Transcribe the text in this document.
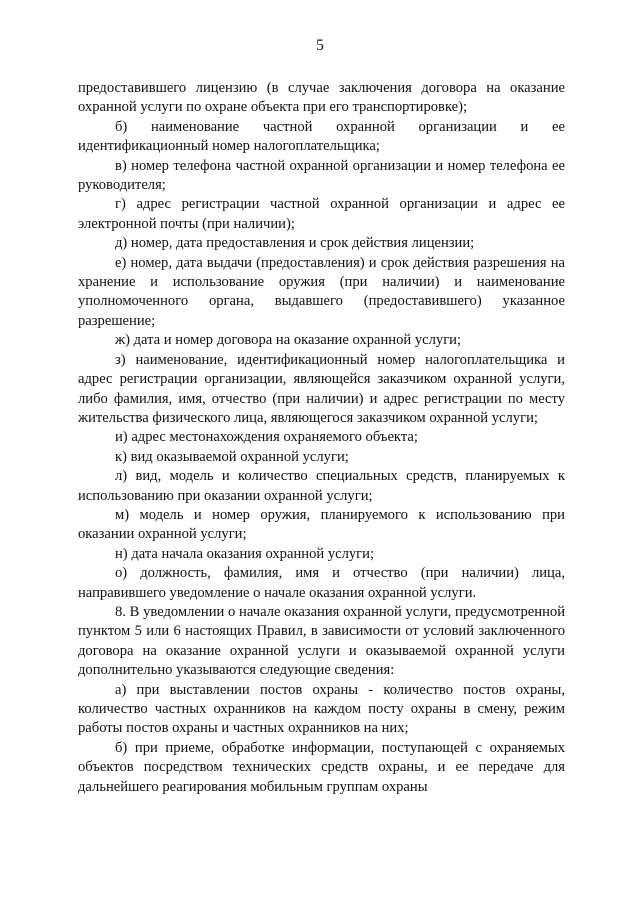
5

предоставившего лицензию (в случае заключения договора на оказание охранной услуги по охране объекта при его транспортировке);

б) наименование частной охранной организации и ее идентификационный номер налогоплательщика;

в) номер телефона частной охранной организации и номер телефона ее руководителя;

г) адрес регистрации частной охранной организации и адрес ее электронной почты (при наличии);

д) номер, дата предоставления и срок действия лицензии;

е) номер, дата выдачи (предоставления) и срок действия разрешения на хранение и использование оружия (при наличии) и наименование уполномоченного органа, выдавшего (предоставившего) указанное разрешение;

ж) дата и номер договора на оказание охранной услуги;

з) наименование, идентификационный номер налогоплательщика и адрес регистрации организации, являющейся заказчиком охранной услуги, либо фамилия, имя, отчество (при наличии) и адрес регистрации по месту жительства физического лица, являющегося заказчиком охранной услуги;

и) адрес местонахождения охраняемого объекта;

к) вид оказываемой охранной услуги;

л) вид, модель и количество специальных средств, планируемых к использованию при оказании охранной услуги;

м) модель и номер оружия, планируемого к использованию при оказании охранной услуги;

н) дата начала оказания охранной услуги;

о) должность, фамилия, имя и отчество (при наличии) лица, направившего уведомление о начале оказания охранной услуги.

8. В уведомлении о начале оказания охранной услуги, предусмотренной пунктом 5 или 6 настоящих Правил, в зависимости от условий заключенного договора на оказание охранной услуги и оказываемой охранной услуги дополнительно указываются следующие сведения:

а) при выставлении постов охраны - количество постов охраны, количество частных охранников на каждом посту охраны в смену, режим работы постов охраны и частных охранников на них;

б) при приеме, обработке информации, поступающей с охраняемых объектов посредством технических средств охраны, и ее передаче для дальнейшего реагирования мобильным группам охраны
